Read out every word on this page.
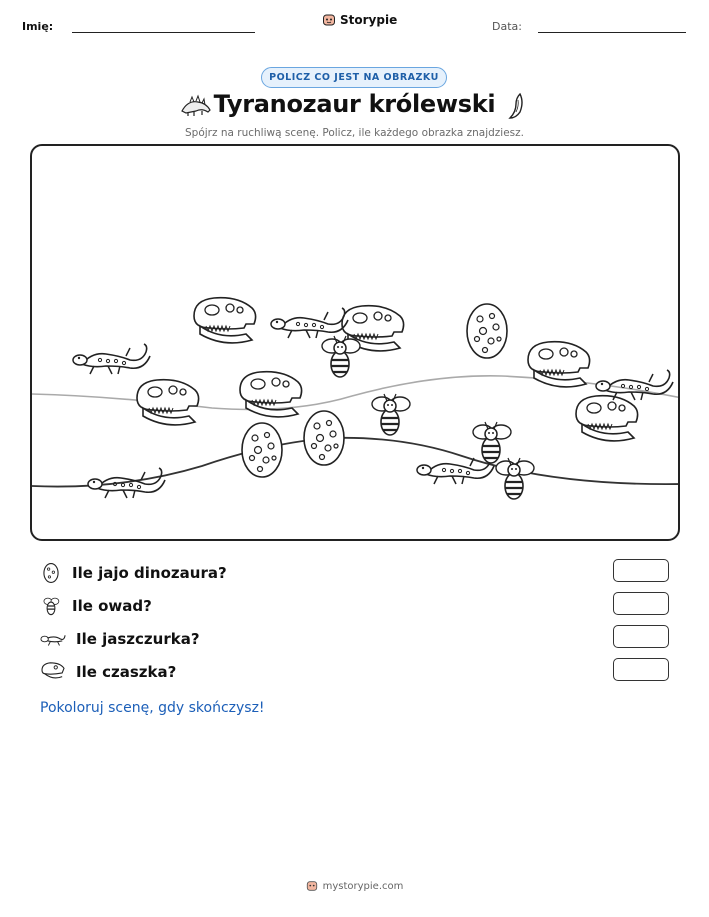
Imię:	Storypie	Data:
POLICZ CO JEST NA OBRAZKU
Tyranozaur królewski
Spójrz na ruchliwą scenę. Policz, ile każdego obrazka znajdziesz.
Ile jajo dinozaura?
Ile owad?
Ile jaszczurka?
Ile czaszka?
Pokoloruj scenę, gdy skończysz!
mystorypie.com
